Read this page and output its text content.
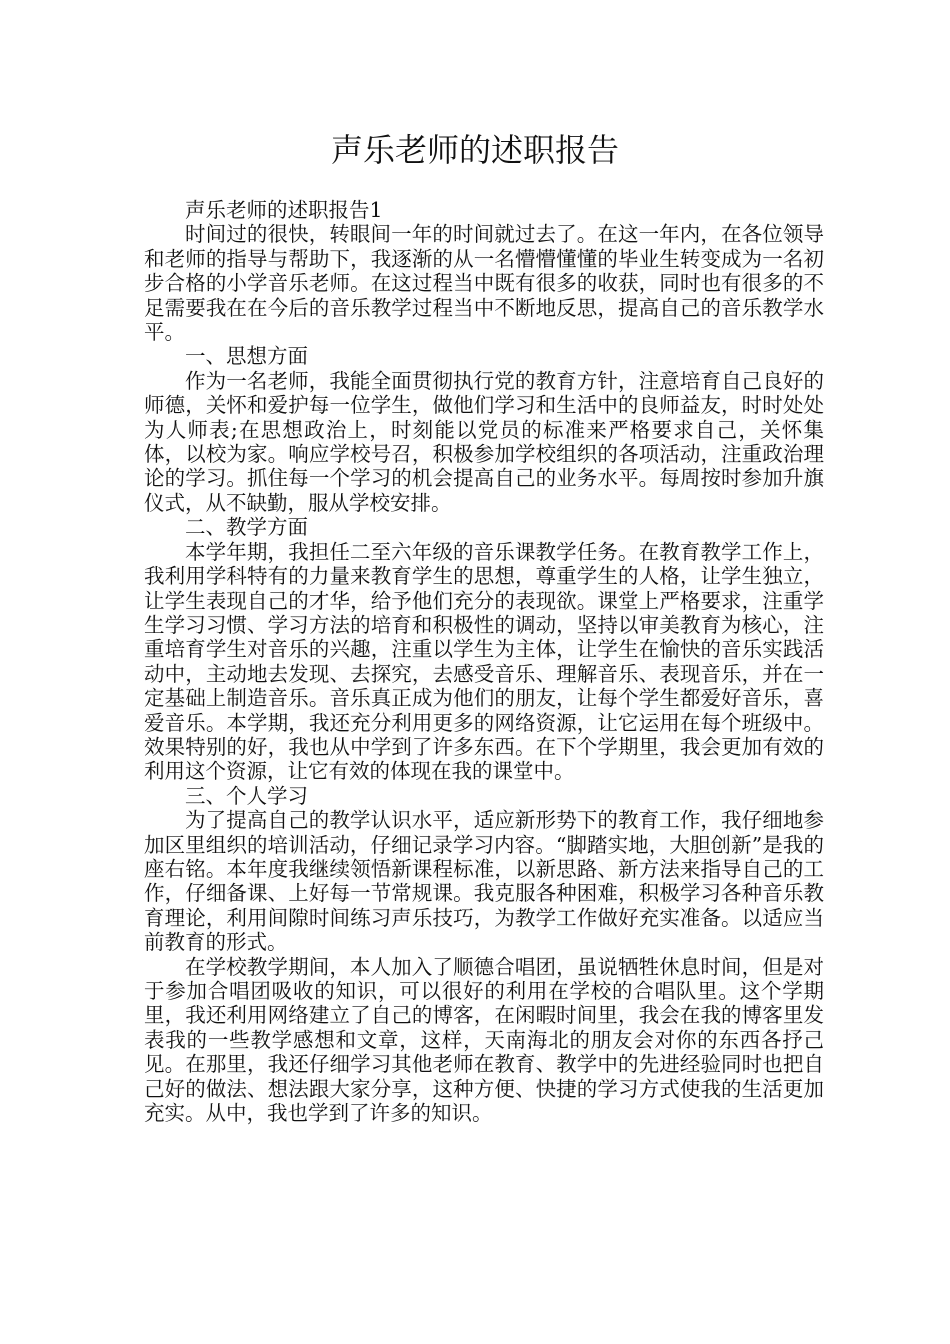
声乐老师的述职报告

声乐老师的述职报告1

时间过的很快，转眼间一年的时间就过去了。在这一年内，在各位领导和老师的指导与帮助下，我逐渐的从一名懵懵懂懂的毕业生转变成为一名初步合格的小学音乐老师。在这过程当中既有很多的收获，同时也有很多的不足需要我在在今后的音乐教学过程当中不断地反思，提高自己的音乐教学水平。

一、思想方面

作为一名老师，我能全面贯彻执行党的教育方针，注意培育自己良好的师德，关怀和爱护每一位学生，做他们学习和生活中的良师益友，时时处处为人师表;在思想政治上，时刻能以党员的标准来严格要求自己，关怀集体，以校为家。响应学校号召，积极参加学校组织的各项活动，注重政治理论的学习。抓住每一个学习的机会提高自己的业务水平。每周按时参加升旗仪式，从不缺勤，服从学校安排。

二、教学方面

本学年期，我担任二至六年级的音乐课教学任务。在教育教学工作上，我利用学科特有的力量来教育学生的思想，尊重学生的人格，让学生独立，让学生表现自己的才华，给予他们充分的表现欲。课堂上严格要求，注重学生学习习惯、学习方法的培育和积极性的调动，坚持以审美教育为核心，注重培育学生对音乐的兴趣，注重以学生为主体，让学生在愉快的音乐实践活动中，主动地去发现、去探究，去感受音乐、理解音乐、表现音乐，并在一定基础上制造音乐。音乐真正成为他们的朋友，让每个学生都爱好音乐，喜爱音乐。本学期，我还充分利用更多的网络资源，让它运用在每个班级中。效果特别的好，我也从中学到了许多东西。在下个学期里，我会更加有效的利用这个资源，让它有效的体现在我的课堂中。

三、个人学习

为了提高自己的教学认识水平，适应新形势下的教育工作，我仔细地参加区里组织的培训活动，仔细记录学习内容。“脚踏实地，大胆创新”是我的座右铭。本年度我继续领悟新课程标准，以新思路、新方法来指导自己的工作，仔细备课、上好每一节常规课。我克服各种困难，积极学习各种音乐教育理论，利用间隙时间练习声乐技巧，为教学工作做好充实准备。以适应当前教育的形式。

在学校教学期间，本人加入了顺德合唱团，虽说牺牲休息时间，但是对于参加合唱团吸收的知识，可以很好的利用在学校的合唱队里。这个学期里，我还利用网络建立了自己的博客，在闲暇时间里，我会在我的博客里发表我的一些教学感想和文章，这样，天南海北的朋友会对你的东西各抒己见。在那里，我还仔细学习其他老师在教育、教学中的先进经验同时也把自己好的做法、想法跟大家分享，这种方便、快捷的学习方式使我的生活更加充实。从中，我也学到了许多的知识。
